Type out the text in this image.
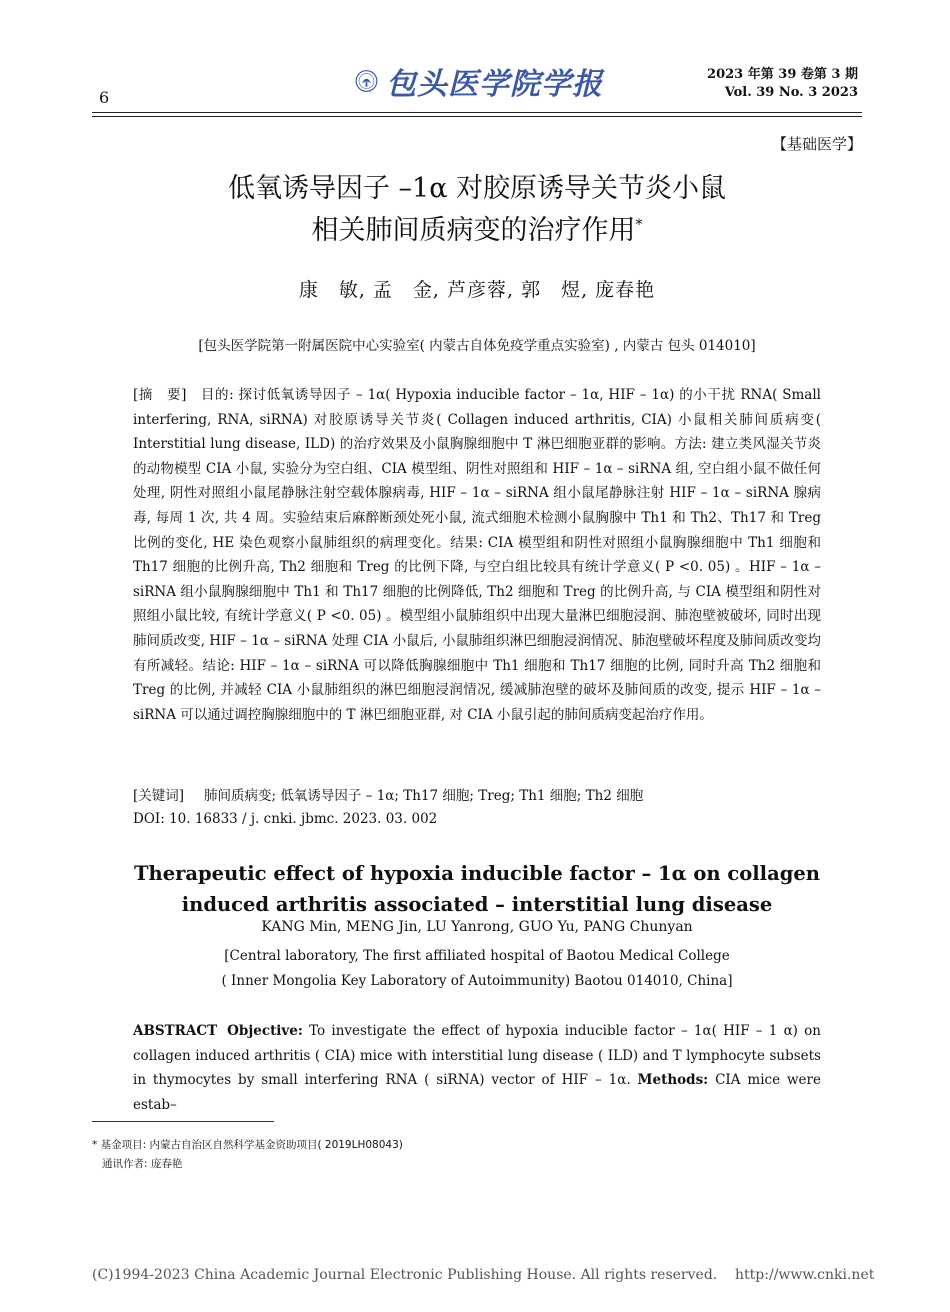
6	包头医学院学报	2023 年第 39 卷第 3 期
Vol. 39 No. 3 2023
【基础医学】
低氧诱导因子 –1α 对胶原诱导关节炎小鼠
相关肺间质病变的治疗作用*
康　敏, 孟　金, 芦彦蓉, 郭　煜, 庞春艳
[包头医学院第一附属医院中心实验室( 内蒙古自体免疫学重点实验室) , 内蒙古 包头 014010]
[摘　要] 目的: 探讨低氧诱导因子 – 1α( Hypoxia inducible factor – 1α, HIF – 1α) 的小干扰 RNA( Small interfering, RNA, siRNA) 对胶原诱导关节炎( Collagen induced arthritis, CIA) 小鼠相关肺间质病变( Interstitial lung disease, ILD) 的治疗效果及小鼠胸腺细胞中 T 淋巴细胞亚群的影响。方法: 建立类风湿关节炎的动物模型 CIA 小鼠, 实验分为空白组、CIA 模型组、阴性对照组和 HIF – 1α – siRNA 组, 空白组小鼠不做任何处理, 阴性对照组小鼠尾静脉注射空载体腺病毒, HIF – 1α – siRNA 组小鼠尾静脉注射 HIF – 1α – siRNA 腺病毒, 每周 1 次, 共 4 周。实验结束后麻醉断颈处死小鼠, 流式细胞术检测小鼠胸腺中 Th1 和 Th2、Th17 和 Treg 比例的变化, HE 染色观察小鼠肺组织的病理变化。结果: CIA 模型组和阴性对照组小鼠胸腺细胞中 Th1 细胞和 Th17 细胞的比例升高, Th2 细胞和 Treg 的比例下降, 与空白组比较具有统计学意义( P <0. 05) 。HIF – 1α – siRNA 组小鼠胸腺细胞中 Th1 和 Th17 细胞的比例降低, Th2 细胞和 Treg 的比例升高, 与 CIA 模型组和阴性对照组小鼠比较, 有统计学意义( P <0. 05) 。模型组小鼠肺组织中出现大量淋巴细胞浸润、肺泡壁被破坏, 同时出现肺间质改变, HIF – 1α – siRNA 处理 CIA 小鼠后, 小鼠肺组织淋巴细胞浸润情况、肺泡壁破坏程度及肺间质改变均有所减轻。结论: HIF – 1α – siRNA 可以降低胸腺细胞中 Th1 细胞和 Th17 细胞的比例, 同时升高 Th2 细胞和 Treg 的比例, 并减轻 CIA 小鼠肺组织的淋巴细胞浸润情况, 缓减肺泡壁的破坏及肺间质的改变, 提示 HIF – 1α – siRNA 可以通过调控胸腺细胞中的 T 淋巴细胞亚群, 对 CIA 小鼠引起的肺间质病变起治疗作用。
[关键词] 肺间质病变; 低氧诱导因子 – 1α; Th17 细胞; Treg; Th1 细胞; Th2 细胞
DOI: 10. 16833 / j. cnki. jbmc. 2023. 03. 002
Therapeutic effect of hypoxia inducible factor – 1α on collagen
induced arthritis associated – interstitial lung disease
KANG Min, MENG Jin, LU Yanrong, GUO Yu, PANG Chunyan
[Central laboratory, The first affiliated hospital of Baotou Medical College
( Inner Mongolia Key Laboratory of Autoimmunity) Baotou 014010, China]
ABSTRACT Objective: To investigate the effect of hypoxia inducible factor – 1α( HIF – 1 α) on collagen induced arthritis ( CIA) mice with interstitial lung disease ( ILD) and T lymphocyte subsets in thymocytes by small interfering RNA ( siRNA) vector of HIF – 1α. Methods: CIA mice were estab–
* 基金项目: 内蒙古自治区自然科学基金资助项目( 2019LH08043)
通讯作者: 庞春艳
(C)1994-2023 China Academic Journal Electronic Publishing House. All rights reserved.    http://www.cnki.net
